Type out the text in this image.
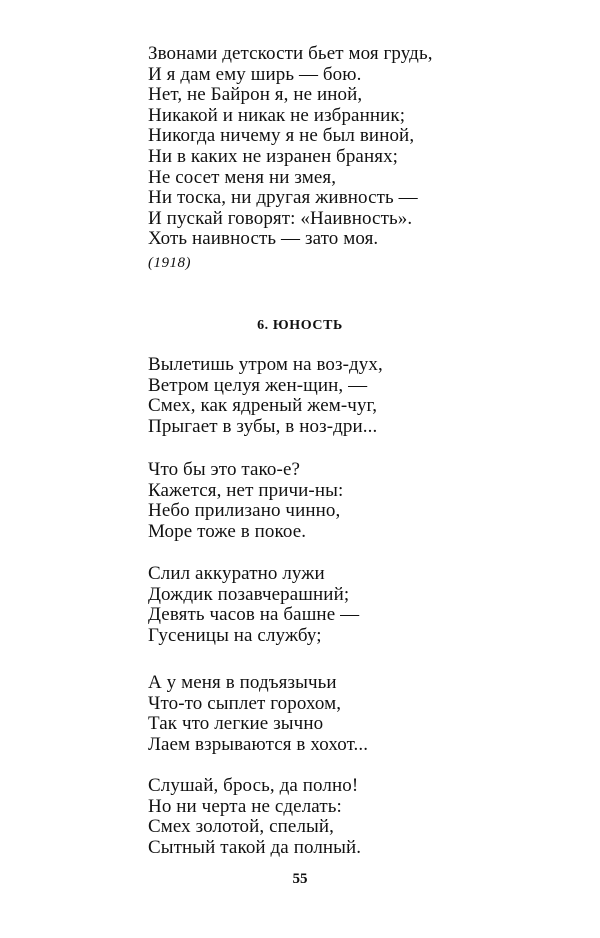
Звонами детскости бьет моя грудь,
И я дам ему ширь — бою.
Нет, не Байрон я, не иной,
Никакой и никак не избранник;
Никогда ничему я не был виной,
Ни в каких не изранен бранях;
Не сосет меня ни змея,
Ни тоска, ни другая живность —
И пускай говорят: «Наивность».
Хоть наивность — зато моя.
(1918)
6. ЮНОСТЬ
Вылетишь утром на воз-дух,
Ветром целуя жен-щин, —
Смех, как ядреный жем-чуг,
Прыгает в зубы, в ноз-дри...
Что бы это тако-е?
Кажется, нет причи-ны:
Небо прилизано чинно,
Море тоже в покое.
Слил аккуратно лужи
Дождик позавчерашний;
Девять часов на башне —
Гусеницы на службу;
А у меня в подъязычьи
Что-то сыплет горохом,
Так что легкие зычно
Лаем взрываются в хохот...
Слушай, брось, да полно!
Но ни черта не сделать:
Смех золотой, спелый,
Сытный такой да полный.
55
